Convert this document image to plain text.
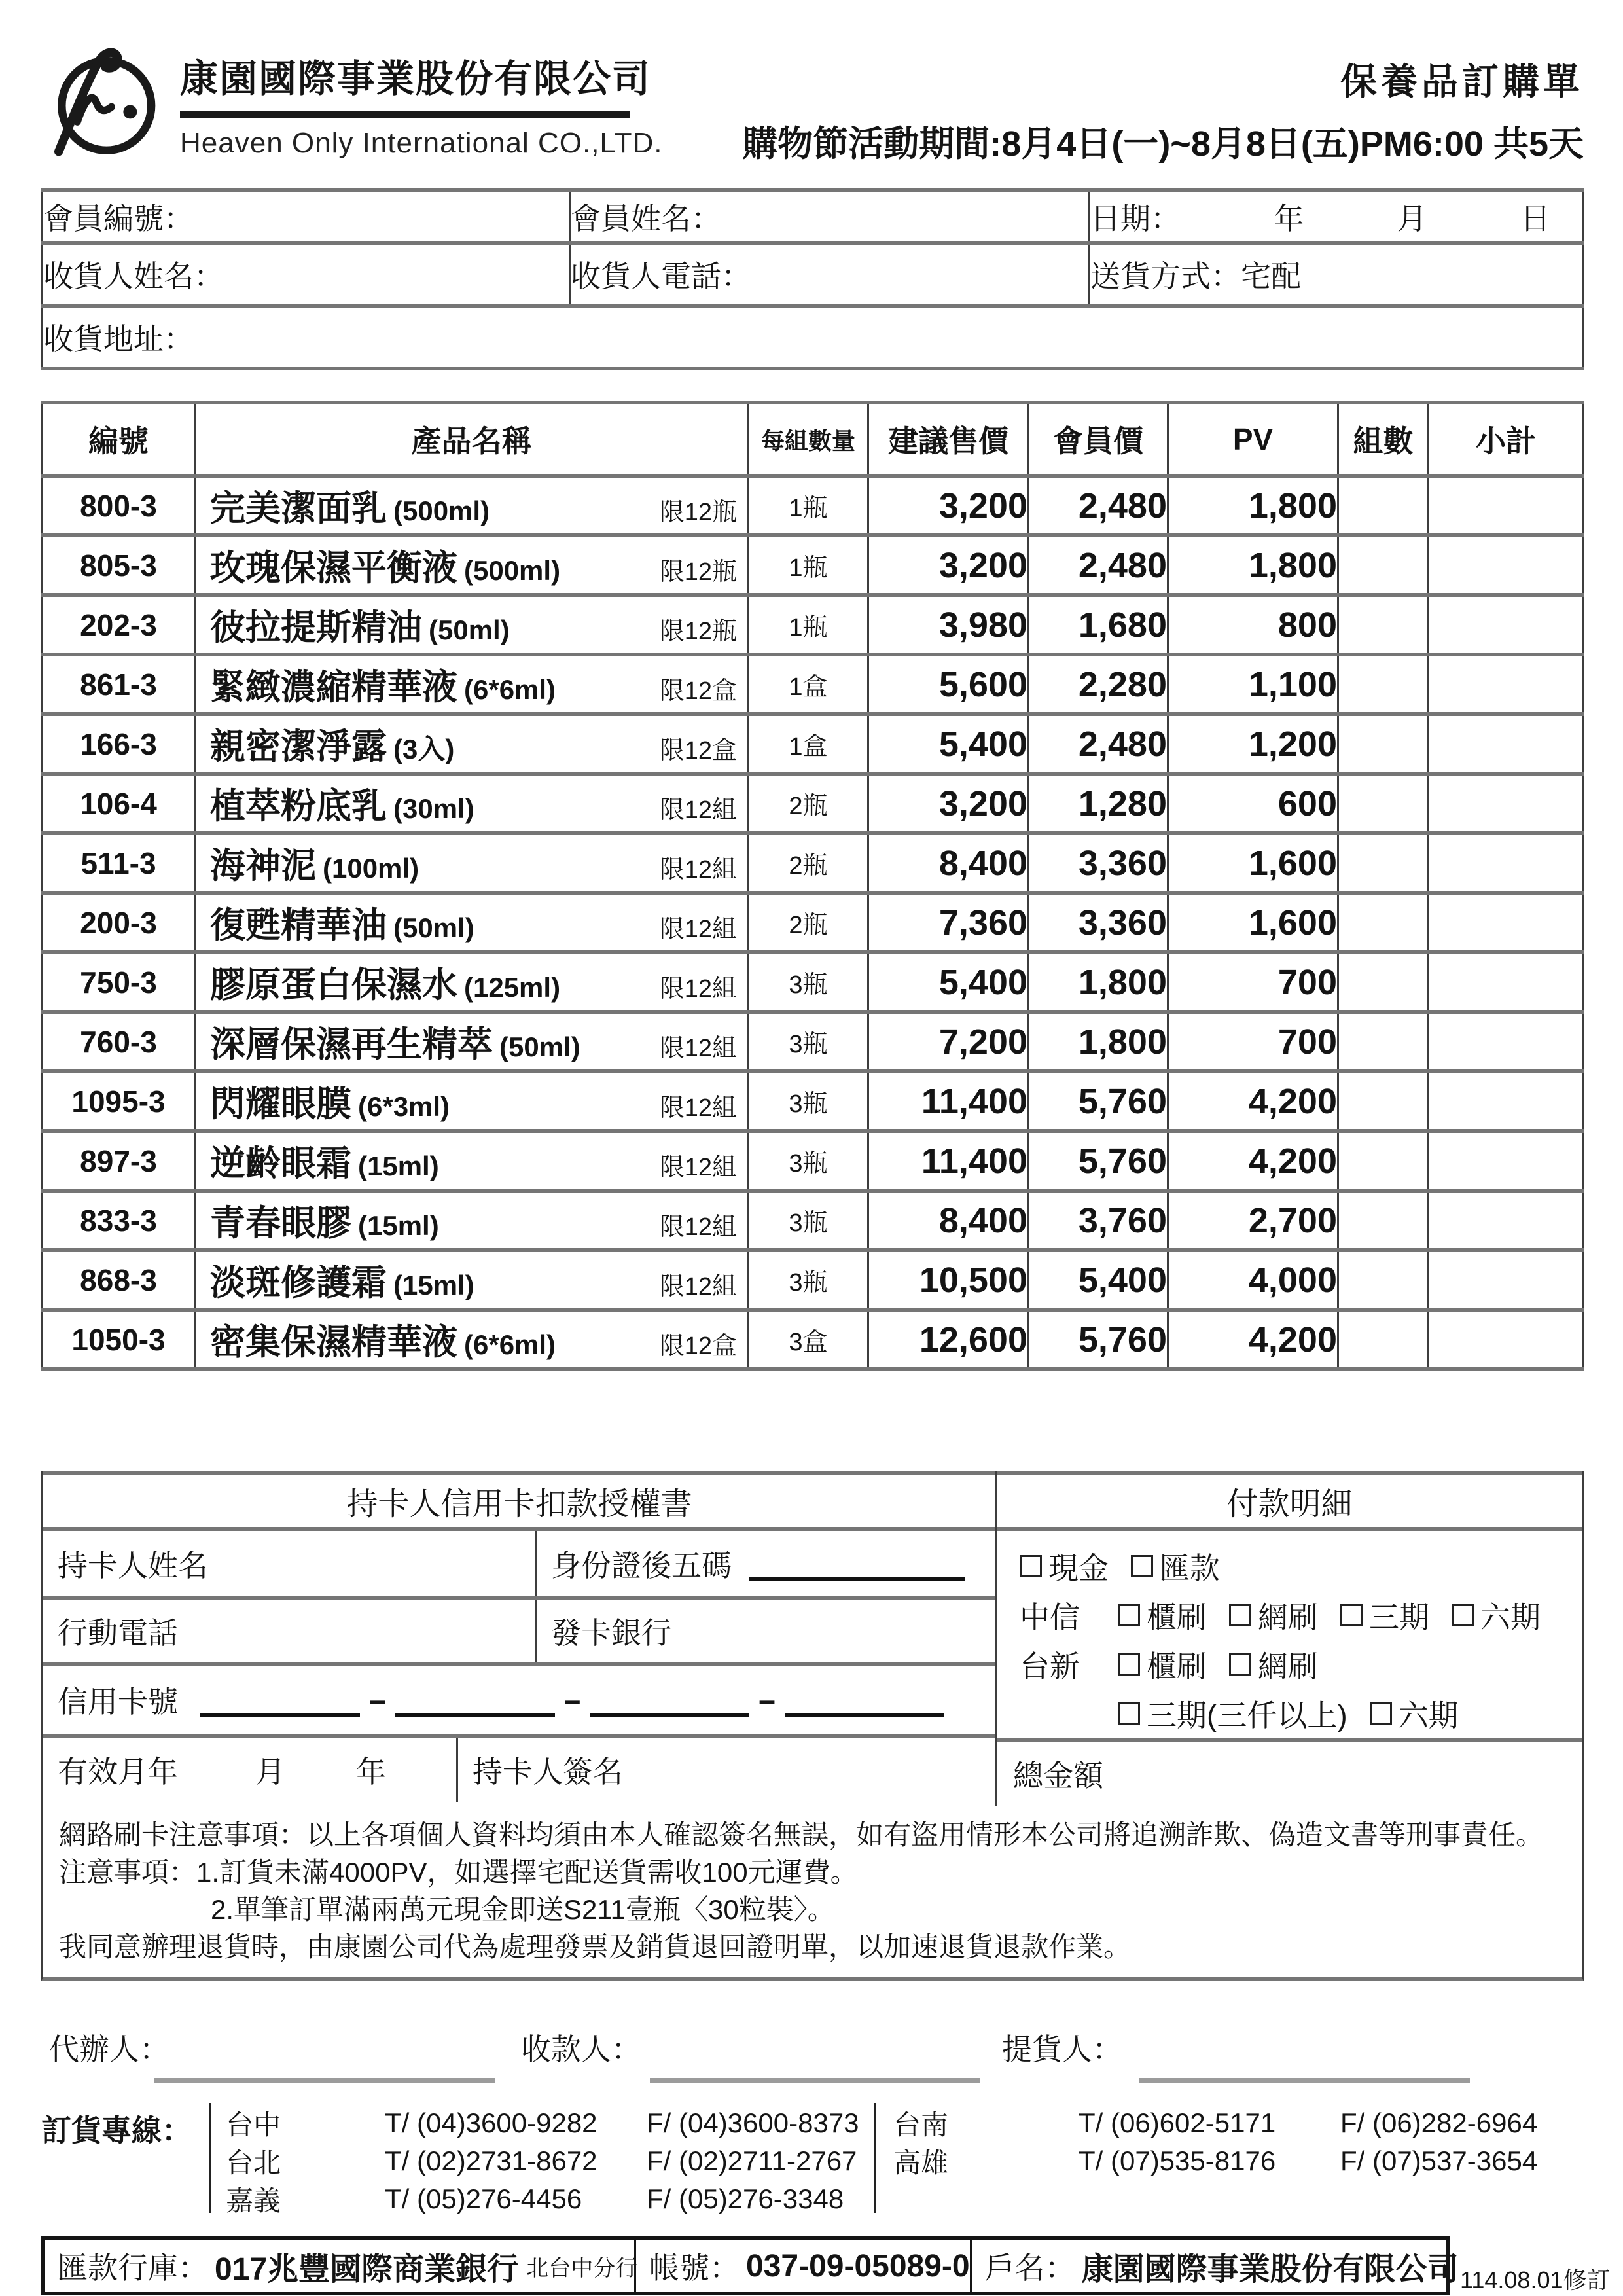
康園國際事業股份有限公司
Heaven Only International CO.,LTD.
保養品訂購單
購物節活動期間:8月4日(一)~8月8日(五)PM6:00 共5天
會員編號：	會員姓名：	日期： 年 月 日

收貨人姓名：	收貨人電話：	送貨方式：宅配
收貨地址：		
編號	產品名稱	每組數量	建議售價	會員價	PV	組數	小計
800-3	完美潔面乳 (500ml) 限12瓶	1瓶	3,200	2,480	1,800		
805-3	玫瑰保濕平衡液 (500ml) 限12瓶	1瓶	3,200	2,480	1,800		
202-3	彼拉提斯精油 (50ml) 限12瓶	1瓶	3,980	1,680	800		
861-3	緊緻濃縮精華液 (6*6ml) 限12盒	1盒	5,600	2,280	1,100		
166-3	親密潔淨露 (3入) 限12盒	1盒	5,400	2,480	1,200		
106-4	植萃粉底乳 (30ml) 限12組	2瓶	3,200	1,280	600		
511-3	海神泥 (100ml) 限12組	2瓶	8,400	3,360	1,600		
200-3	復甦精華油 (50ml) 限12組	2瓶	7,360	3,360	1,600		
750-3	膠原蛋白保濕水 (125ml) 限12組	3瓶	5,400	1,800	700		
760-3	深層保濕再生精萃 (50ml) 限12組	3瓶	7,200	1,800	700		
1095-3	閃耀眼膜 (6*3ml) 限12組	3瓶	11,400	5,760	4,200		
897-3	逆齡眼霜 (15ml) 限12組	3瓶	11,400	5,760	4,200		
833-3	青春眼膠 (15ml) 限12組	3瓶	8,400	3,760	2,700		
868-3	淡斑修護霜 (15ml) 限12組	3瓶	10,500	5,400	4,000		
1050-3	密集保濕精華液 (6*6ml) 限12盒	3盒	12,600	5,760	4,200		
持卡人信用卡扣款授權書
持卡人姓名	身份證後五碼
行動電話	發卡銀行
信用卡號	–	–	–
有效月年	月 年	持卡人簽名
付款明細
現金 匯款
中信	櫃刷 網刷 三期 六期
台新	櫃刷 網刷
三期(三仟以上) 六期
總金額
網路刷卡注意事項：以上各項個人資料均須由本人確認簽名無誤，如有盜用情形本公司將追溯詐欺、偽造文書等刑事責任。
注意事項：1.訂貨未滿4000PV，如選擇宅配送貨需收100元運費。
2.單筆訂單滿兩萬元現金即送S211壹瓶〈30粒裝〉。
我同意辦理退貨時，由康園公司代為處理發票及銷貨退回證明單，以加速退貨退款作業。
代辦人：	收款人：	提貨人：
訂貨專線： 台中	T/ (04)3600-9282	F/ (04)3600-8373
台北	T/ (02)2731-8672	F/ (02)2711-2767
嘉義	T/ (05)276-4456	F/ (05)276-3348
台南	T/ (06)602-5171	F/ (06)282-6964
高雄	T/ (07)535-8176	F/ (07)537-3654
匯款行庫： 017兆豐國際商業銀行 北台中分行 帳號： 037-09-05089-0 戶名： 康園國際事業股份有限公司 114.08.01修訂
